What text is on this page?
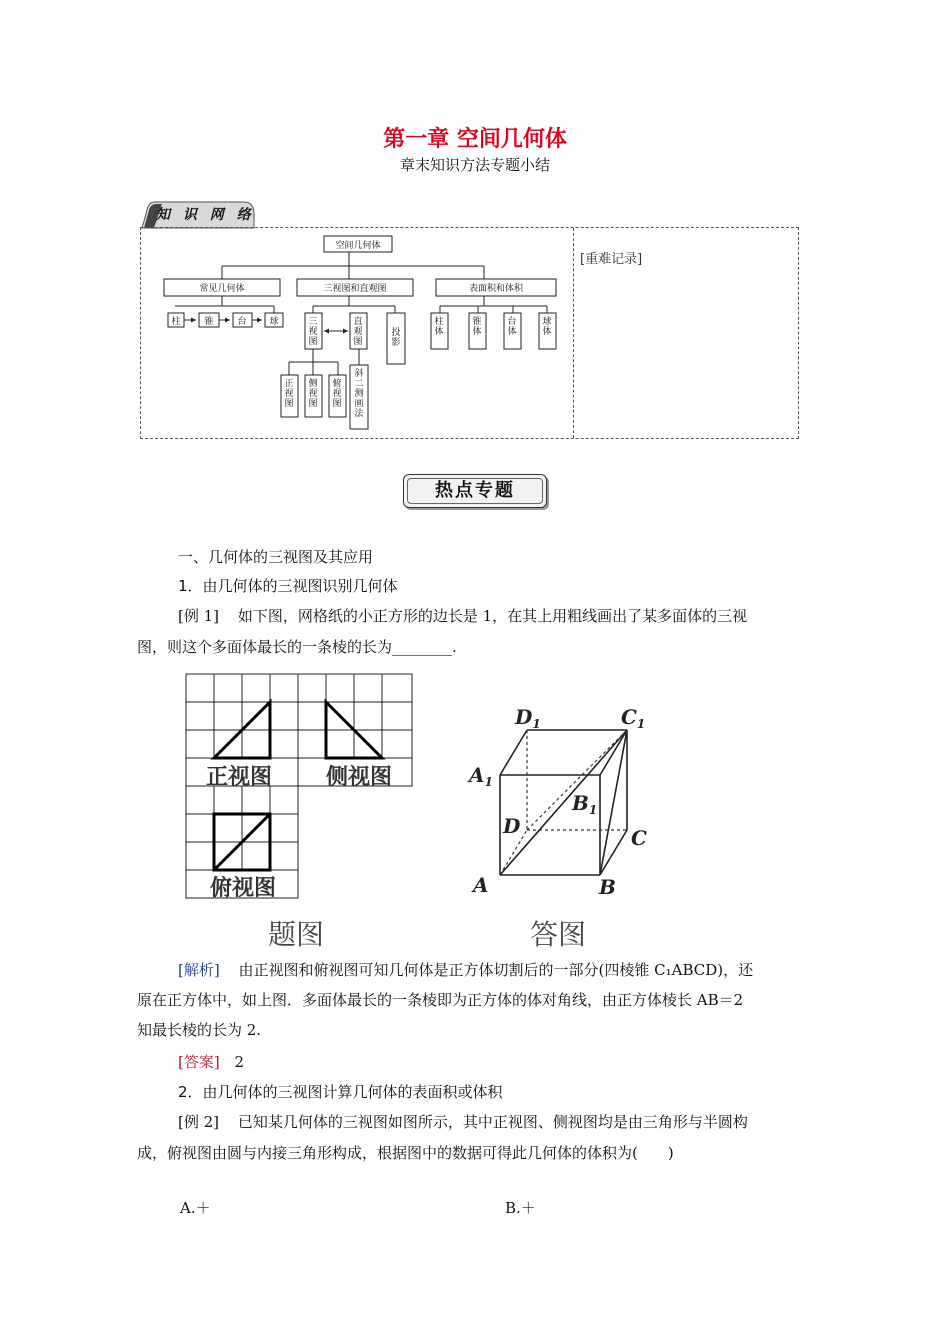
第一章 空间几何体
章末知识方法专题小结
知 识 网 络
[重难记录]
空间几何体
常见几何体	三视图和直观图	表面积和体积
柱	锥	台	球	三视图
直观图
投影
柱体
锥体
台体
球体
正视图
侧视图
俯视图
斜二测画法
热点专题
一、几何体的三视图及其应用
1．由几何体的三视图识别几何体
[例 1] 如下图，网格纸的小正方形的边长是 1，在其上用粗线画出了某多面体的三视
图，则这个多面体最长的一条棱的长为________.
正视图 侧视图
俯视图
题图
$D_1$	$C_1$
$A_1$
$B_1$
D	C
A	B
答图
[解析] 由正视图和俯视图可知几何体是正方体切割后的一部分(四棱锥 C₁ABCD)，还
原在正方体中，如上图．多面体最长的一条棱即为正方体的体对角线，由正方体棱长 AB＝2
知最长棱的长为 2.
[答案] 2
2．由几何体的三视图计算几何体的表面积或体积
[例 2] 已知某几何体的三视图如图所示，其中正视图、侧视图均是由三角形与半圆构
成，俯视图由圆与内接三角形构成，根据图中的数据可得此几何体的体积为(　　)
A.＋	B.＋
